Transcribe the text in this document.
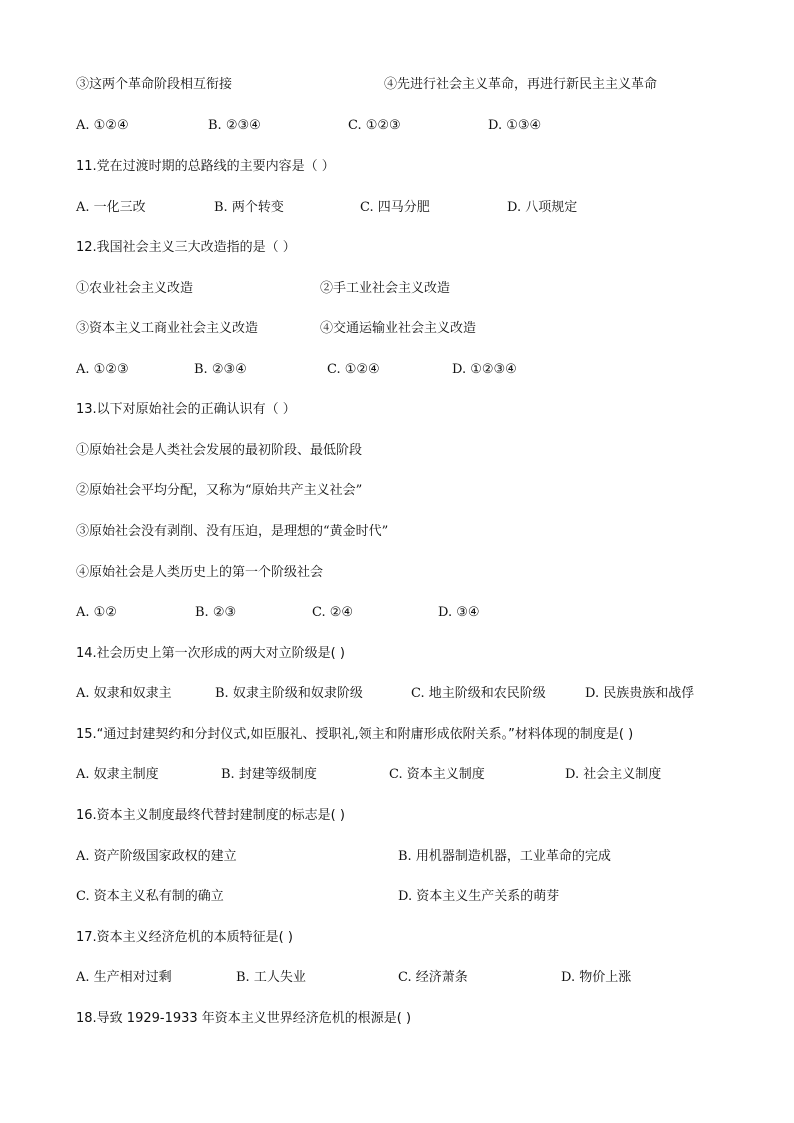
③这两个革命阶段相互衔接	④先进行社会主义革命，再进行新民主主义革命
A. ①②④	B. ②③④	C. ①②③	D. ①③④
11.党在过渡时期的总路线的主要内容是（ ）
A. 一化三改	B. 两个转变	C. 四马分肥	D. 八项规定
12.我国社会主义三大改造指的是（ ）
①农业社会主义改造	②手工业社会主义改造
③资本主义工商业社会主义改造	④交通运输业社会主义改造
A. ①②③	B. ②③④	C. ①②④	D. ①②③④
13.以下对原始社会的正确认识有（ ）
①原始社会是人类社会发展的最初阶段、最低阶段
②原始社会平均分配，又称为“原始共产主义社会”
③原始社会没有剥削、没有压迫，是理想的“黄金时代”
④原始社会是人类历史上的第一个阶级社会
A. ①②	B. ②③	C. ②④	D. ③④
14.社会历史上第一次形成的两大对立阶级是( )
A. 奴隶和奴隶主	B. 奴隶主阶级和奴隶阶级	C. 地主阶级和农民阶级	D. 民族贵族和战俘
15.“通过封建契约和分封仪式,如臣服礼、授职礼,领主和附庸形成依附关系。”材料体现的制度是( )
A. 奴隶主制度	B. 封建等级制度	C. 资本主义制度	D. 社会主义制度
16.资本主义制度最终代替封建制度的标志是( )
A. 资产阶级国家政权的建立	B. 用机器制造机器，工业革命的完成
C. 资本主义私有制的确立	D. 资本主义生产关系的萌芽
17.资本主义经济危机的本质特征是( )
A. 生产相对过剩	B. 工人失业	C. 经济萧条	D. 物价上涨
18.导致 1929-1933 年资本主义世界经济危机的根源是( )
